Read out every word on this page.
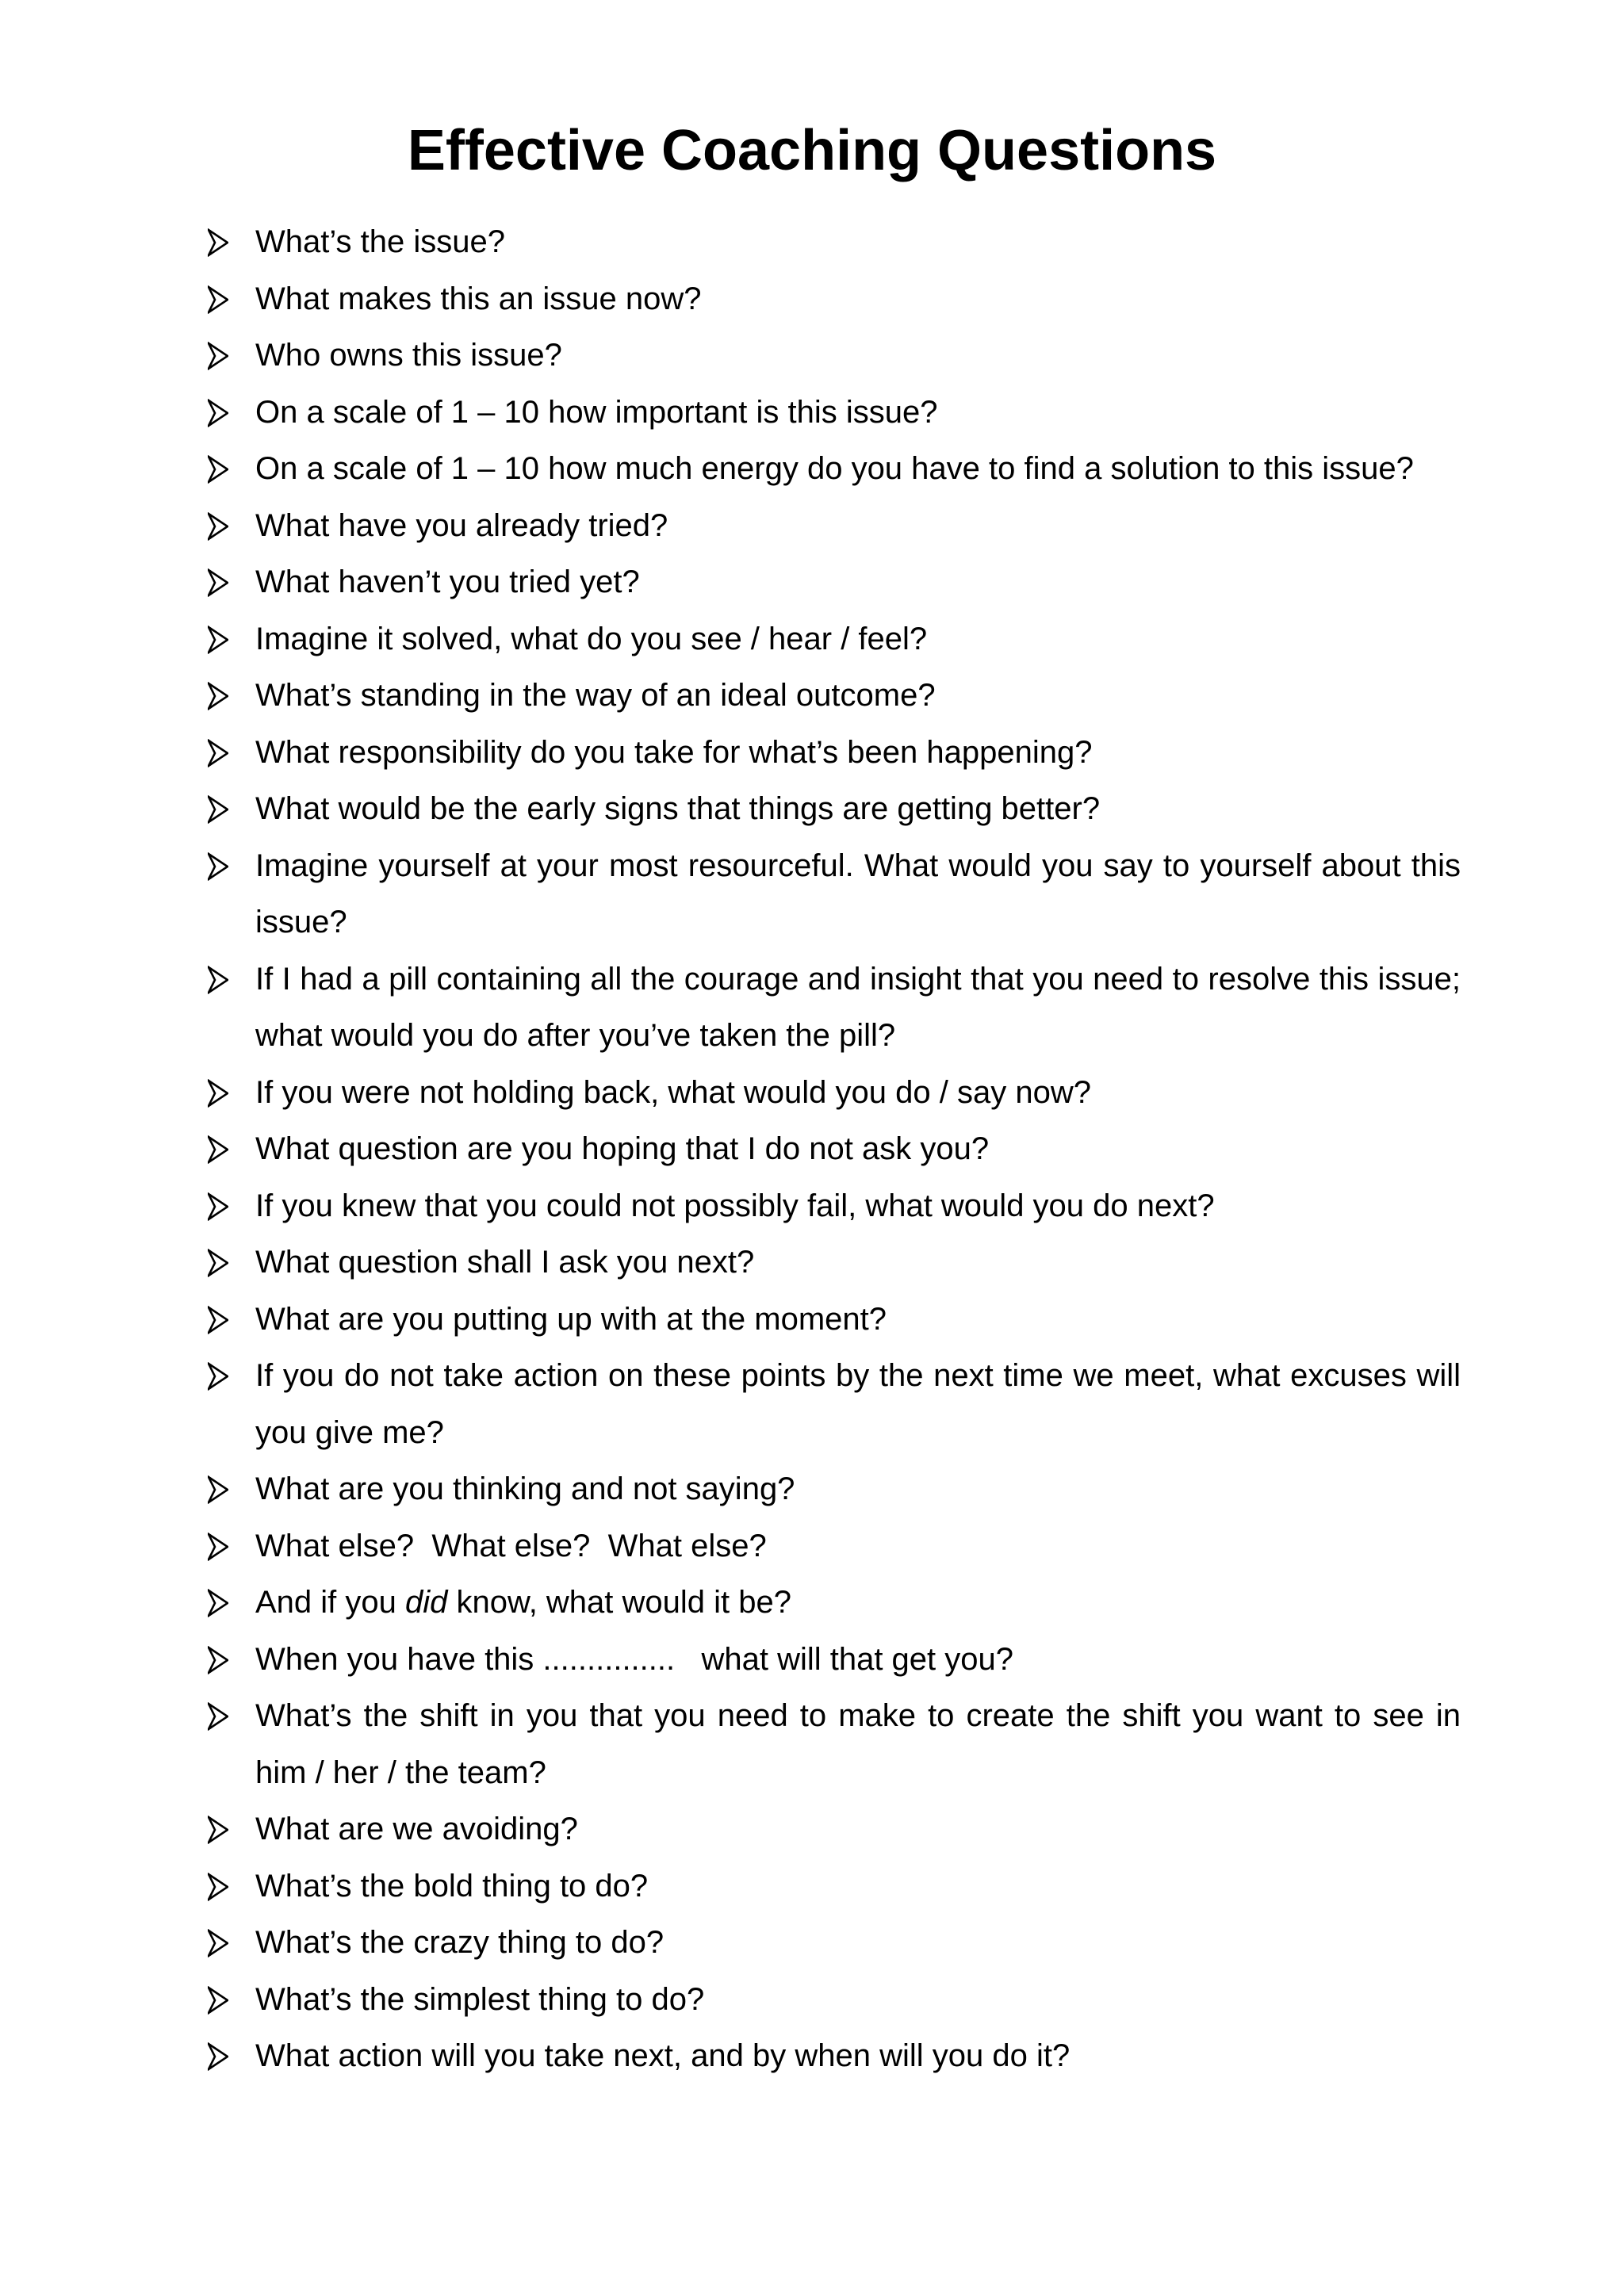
Effective Coaching Questions
What’s the issue?
What makes this an issue now?
Who owns this issue?
On a scale of 1 – 10 how important is this issue?
On a scale of 1 – 10 how much energy do you have to find a solution to this issue?
What have you already tried?
What haven’t you tried yet?
Imagine it solved, what do you see / hear / feel?
What’s standing in the way of an ideal outcome?
What responsibility do you take for what’s been happening?
What would be the early signs that things are getting better?
Imagine yourself at your most resourceful. What would you say to yourself about this issue?
If I had a pill containing all the courage and insight that you need to resolve this issue; what would you do after you’ve taken the pill?
If you were not holding back, what would you do / say now?
What question are you hoping that I do not ask you?
If you knew that you could not possibly fail, what would you do next?
What question shall I ask you next?
What are you putting up with at the moment?
If you do not take action on these points by the next time we meet, what excuses will you give me?
What are you thinking and not saying?
What else?  What else?  What else?
And if you did know, what would it be?
When you have this ...............   what will that get you?
What’s the shift in you that you need to make to create the shift you want to see in him / her / the team?
What are we avoiding?
What’s the bold thing to do?
What’s the crazy thing to do?
What’s the simplest thing to do?
What action will you take next, and by when will you do it?
